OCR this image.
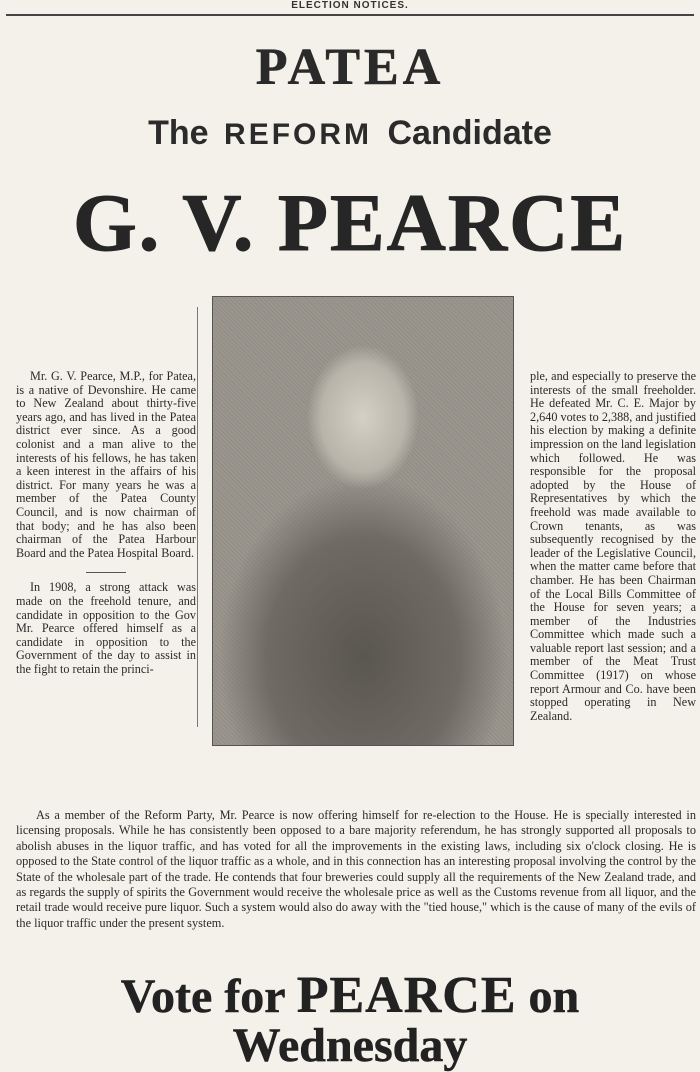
ELECTION NOTICES.
PATEA
The REFORM Candidate
G. V. PEARCE

Mr. G. V. Pearce, M.P., for Patea, is a native of Devonshire. He came to New Zealand about thirty-five years ago, and has lived in the Patea district ever since. As a good colonist and a man alive to the interests of his fellows, he has taken a keen interest in the affairs of his district. For many years he was a member of the Patea County Council, and is now chairman of that body; and he has also been chairman of the Patea Harbour Board and the Patea Hospital Board.

In 1908, a strong attack was made on the freehold tenure, and candidate in opposition to the Gov Mr. Pearce offered himself as a candidate in opposition to the Government of the day to assist in the fight to retain the princi-

ple, and especially to preserve the interests of the small freeholder. He defeated Mr. C. E. Major by 2,640 votes to 2,388, and justified his election by making a definite impression on the land legislation which followed. He was responsible for the proposal adopted by the House of Representatives by which the freehold was made available to Crown tenants, as was subsequently recognised by the leader of the Legislative Council, when the matter came before that chamber. He has been Chairman of the Local Bills Committee of the House for seven years; a member of the Industries Committee which made such a valuable report last session; and a member of the Meat Trust Committee (1917) on whose report Armour and Co. have been stopped operating in New Zealand.

As a member of the Reform Party, Mr. Pearce is now offering himself for re-election to the House. He is specially interested in licensing proposals. While he has consistently been opposed to a bare majority referendum, he has strongly supported all proposals to abolish abuses in the liquor traffic, and has voted for all the improvements in the existing laws, including six o'clock closing. He is opposed to the State control of the liquor traffic as a whole, and in this connection has an interesting proposal involving the control by the State of the wholesale part of the trade. He contends that four breweries could supply all the requirements of the New Zealand trade, and as regards the supply of spirits the Government would receive the wholesale price as well as the Customs revenue from all liquor, and the retail trade would receive pure liquor. Such a system would also do away with the "tied house," which is the cause of many of the evils of the liquor traffic under the present system.
Vote for PEARCE on Wednesday
